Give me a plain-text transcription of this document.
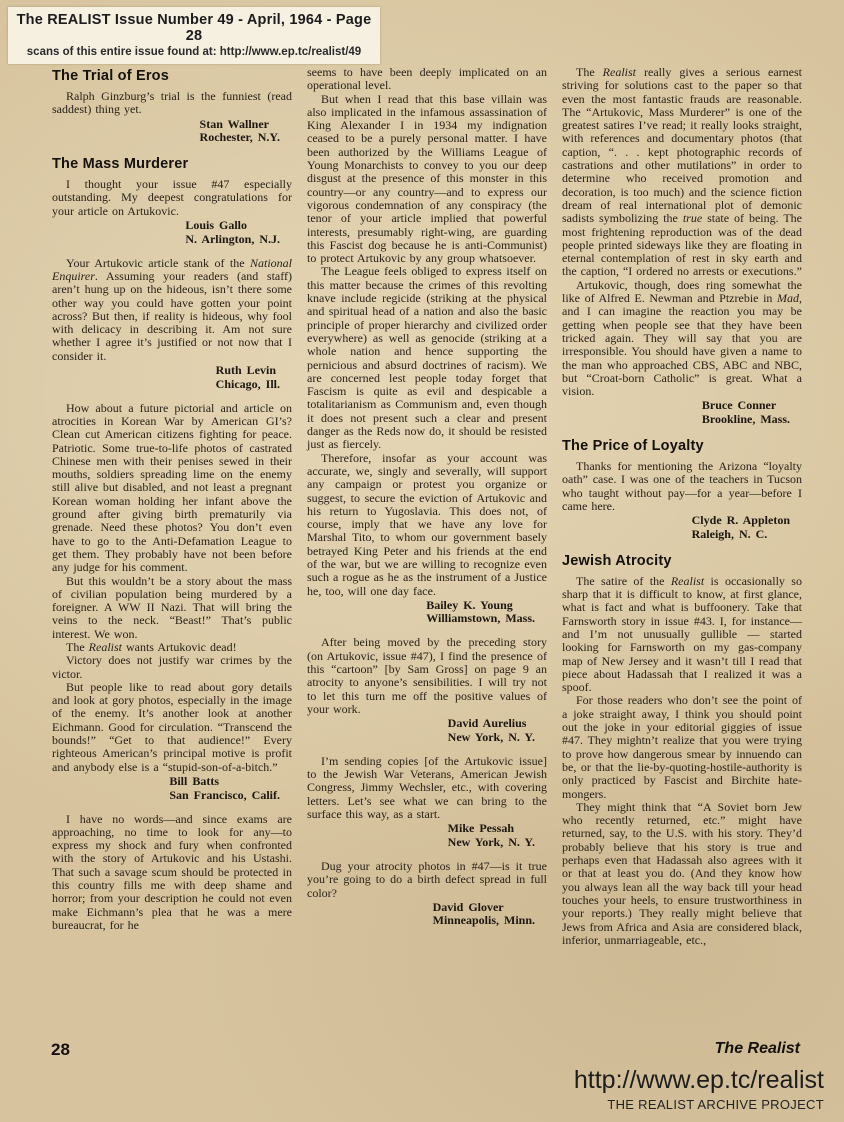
The REALIST Issue Number 49 - April, 1964 - Page 28
scans of this entire issue found at: http://www.ep.tc/realist/49
The Trial of Eros

Ralph Ginzburg’s trial is the funniest (read saddest) thing yet.

Stan Wallner
Rochester, N.Y.
The Mass Murderer

I thought your issue #47 especially outstanding. My deepest congratulations for your article on Artukovic.

Louis Gallo
N. Arlington, N.J.

Your Artukovic article stank of the National Enquirer. Assuming your readers (and staff) aren’t hung up on the hideous, isn’t there some other way you could have gotten your point across? But then, if reality is hideous, why fool with delicacy in describing it. Am not sure whether I agree it’s justified or not now that I consider it.

Ruth Levin
Chicago, Ill.

How about a future pictorial and article on atrocities in Korean War by American GI’s? Clean cut American citizens fighting for peace. Patriotic. Some true-to-life photos of castrated Chinese men with their penises sewed in their mouths, soldiers spreading lime on the enemy still alive but disabled, and not least a pregnant Korean woman holding her infant above the ground after giving birth prematurily via grenade. Need these photos? You don’t even have to go to the Anti-Defamation League to get them. They probably have not been before any judge for his comment.

But this wouldn’t be a story about the mass of civilian population being murdered by a foreigner. A WW II Nazi. That will bring the veins to the neck. “Beast!” That’s public interest. We won.

The Realist wants Artukovic dead!

Victory does not justify war crimes by the victor.

But people like to read about gory details and look at gory photos, especially in the image of the enemy. It’s another look at another Eichmann. Good for circulation. “Transcend the bounds!” “Get to that audience!” Every righteous American’s principal motive is profit and anybody else is a “stupid-son-of-a-bitch.”

Bill Batts
San Francisco, Calif.

I have no words—and since exams are approaching, no time to look for any—to express my shock and fury when confronted with the story of Artukovic and his Ustashi. That such a savage scum should be protected in this country fills me with deep shame and horror; from your description he could not even make Eichmann’s plea that he was a mere bureaucrat, for he

seems to have been deeply implicated on an operational level.

But when I read that this base villain was also implicated in the infamous assassination of King Alexander I in 1934 my indignation ceased to be a purely personal matter. I have been authorized by the Williams League of Young Monarchists to convey to you our deep disgust at the presence of this monster in this country—or any country—and to express our vigorous condemnation of any conspiracy (the tenor of your article implied that powerful interests, presumably right-wing, are guarding this Fascist dog because he is anti-Communist) to protect Artukovic by any group whatsoever.

The League feels obliged to express itself on this matter because the crimes of this revolting knave include regicide (striking at the physical and spiritual head of a nation and also the basic principle of proper hierarchy and civilized order everywhere) as well as genocide (striking at a whole nation and hence supporting the pernicious and absurd doctrines of racism). We are concerned lest people today forget that Fascism is quite as evil and despicable a totalitarianism as Communism and, even though it does not present such a clear and present danger as the Reds now do, it should be resisted just as fiercely.

Therefore, insofar as your account was accurate, we, singly and severally, will support any campaign or protest you organize or suggest, to secure the eviction of Artukovic and his return to Yugoslavia. This does not, of course, imply that we have any love for Marshal Tito, to whom our government basely betrayed King Peter and his friends at the end of the war, but we are willing to recognize even such a rogue as he as the instrument of a Justice he, too, will one day face.

Bailey K. Young
Williamstown, Mass.

After being moved by the preceding story (on Artukovic, issue #47), I find the presence of this “cartoon” [by Sam Gross] on page 9 an atrocity to anyone’s sensibilities. I will try not to let this turn me off the positive values of your work.

David Aurelius
New York, N. Y.

I’m sending copies [of the Artukovic issue] to the Jewish War Veterans, American Jewish Congress, Jimmy Wechsler, etc., with covering letters. Let’s see what we can bring to the surface this way, as a start.

Mike Pessah
New York, N. Y.

Dug your atrocity photos in #47—is it true you’re going to do a birth defect spread in full color?

David Glover
Minneapolis, Minn.

The Realist really gives a serious earnest striving for solutions cast to the paper so that even the most fantastic frauds are reasonable. The “Artukovic, Mass Murderer” is one of the greatest satires I’ve read; it really looks straight, with references and documentary photos (that caption, “. . . kept photographic records of castrations and other mutilations” in order to determine who received promotion and decoration, is too much) and the science fiction dream of real international plot of demonic sadists symbolizing the true state of being. The most frightening reproduction was of the dead people printed sideways like they are floating in eternal contemplation of rest in sky earth and the caption, “I ordered no arrests or executions.”

Artukovic, though, does ring somewhat the like of Alfred E. Newman and Ptzrebie in Mad, and I can imagine the reaction you may be getting when people see that they have been tricked again. They will say that you are irresponsible. You should have given a name to the man who approached CBS, ABC and NBC, but “Croat-born Catholic” is great. What a vision.

Bruce Conner
Brookline, Mass.
The Price of Loyalty

Thanks for mentioning the Arizona “loyalty oath” case. I was one of the teachers in Tucson who taught without pay—for a year—before I came here.

Clyde R. Appleton
Raleigh, N. C.
Jewish Atrocity

The satire of the Realist is occasionally so sharp that it is difficult to know, at first glance, what is fact and what is buffoonery. Take that Farnsworth story in issue #43. I, for instance—and I’m not unusually gullible — started looking for Farnsworth on my gas-company map of New Jersey and it wasn’t till I read that piece about Hadassah that I realized it was a spoof.

For those readers who don’t see the point of a joke straight away, I think you should point out the joke in your editorial giggies of issue #47. They mightn’t realize that you were trying to prove how dangerous smear by innuendo can be, or that the lie-by-quoting-hostile-authority is only practiced by Fascist and Birchite hate-mongers.

They might think that “A Soviet born Jew who recently returned, etc.” might have returned, say, to the U.S. with his story. They’d probably believe that his story is true and perhaps even that Hadassah also agrees with it or that at least you do. (And they know how you always lean all the way back till your head touches your heels, to ensure trustworthiness in your reports.) They really might believe that Jews from Africa and Asia are considered black, inferior, unmarriageable, etc.,

28	The Realist
http://www.ep.tc/realist
THE REALIST ARCHIVE PROJECT
